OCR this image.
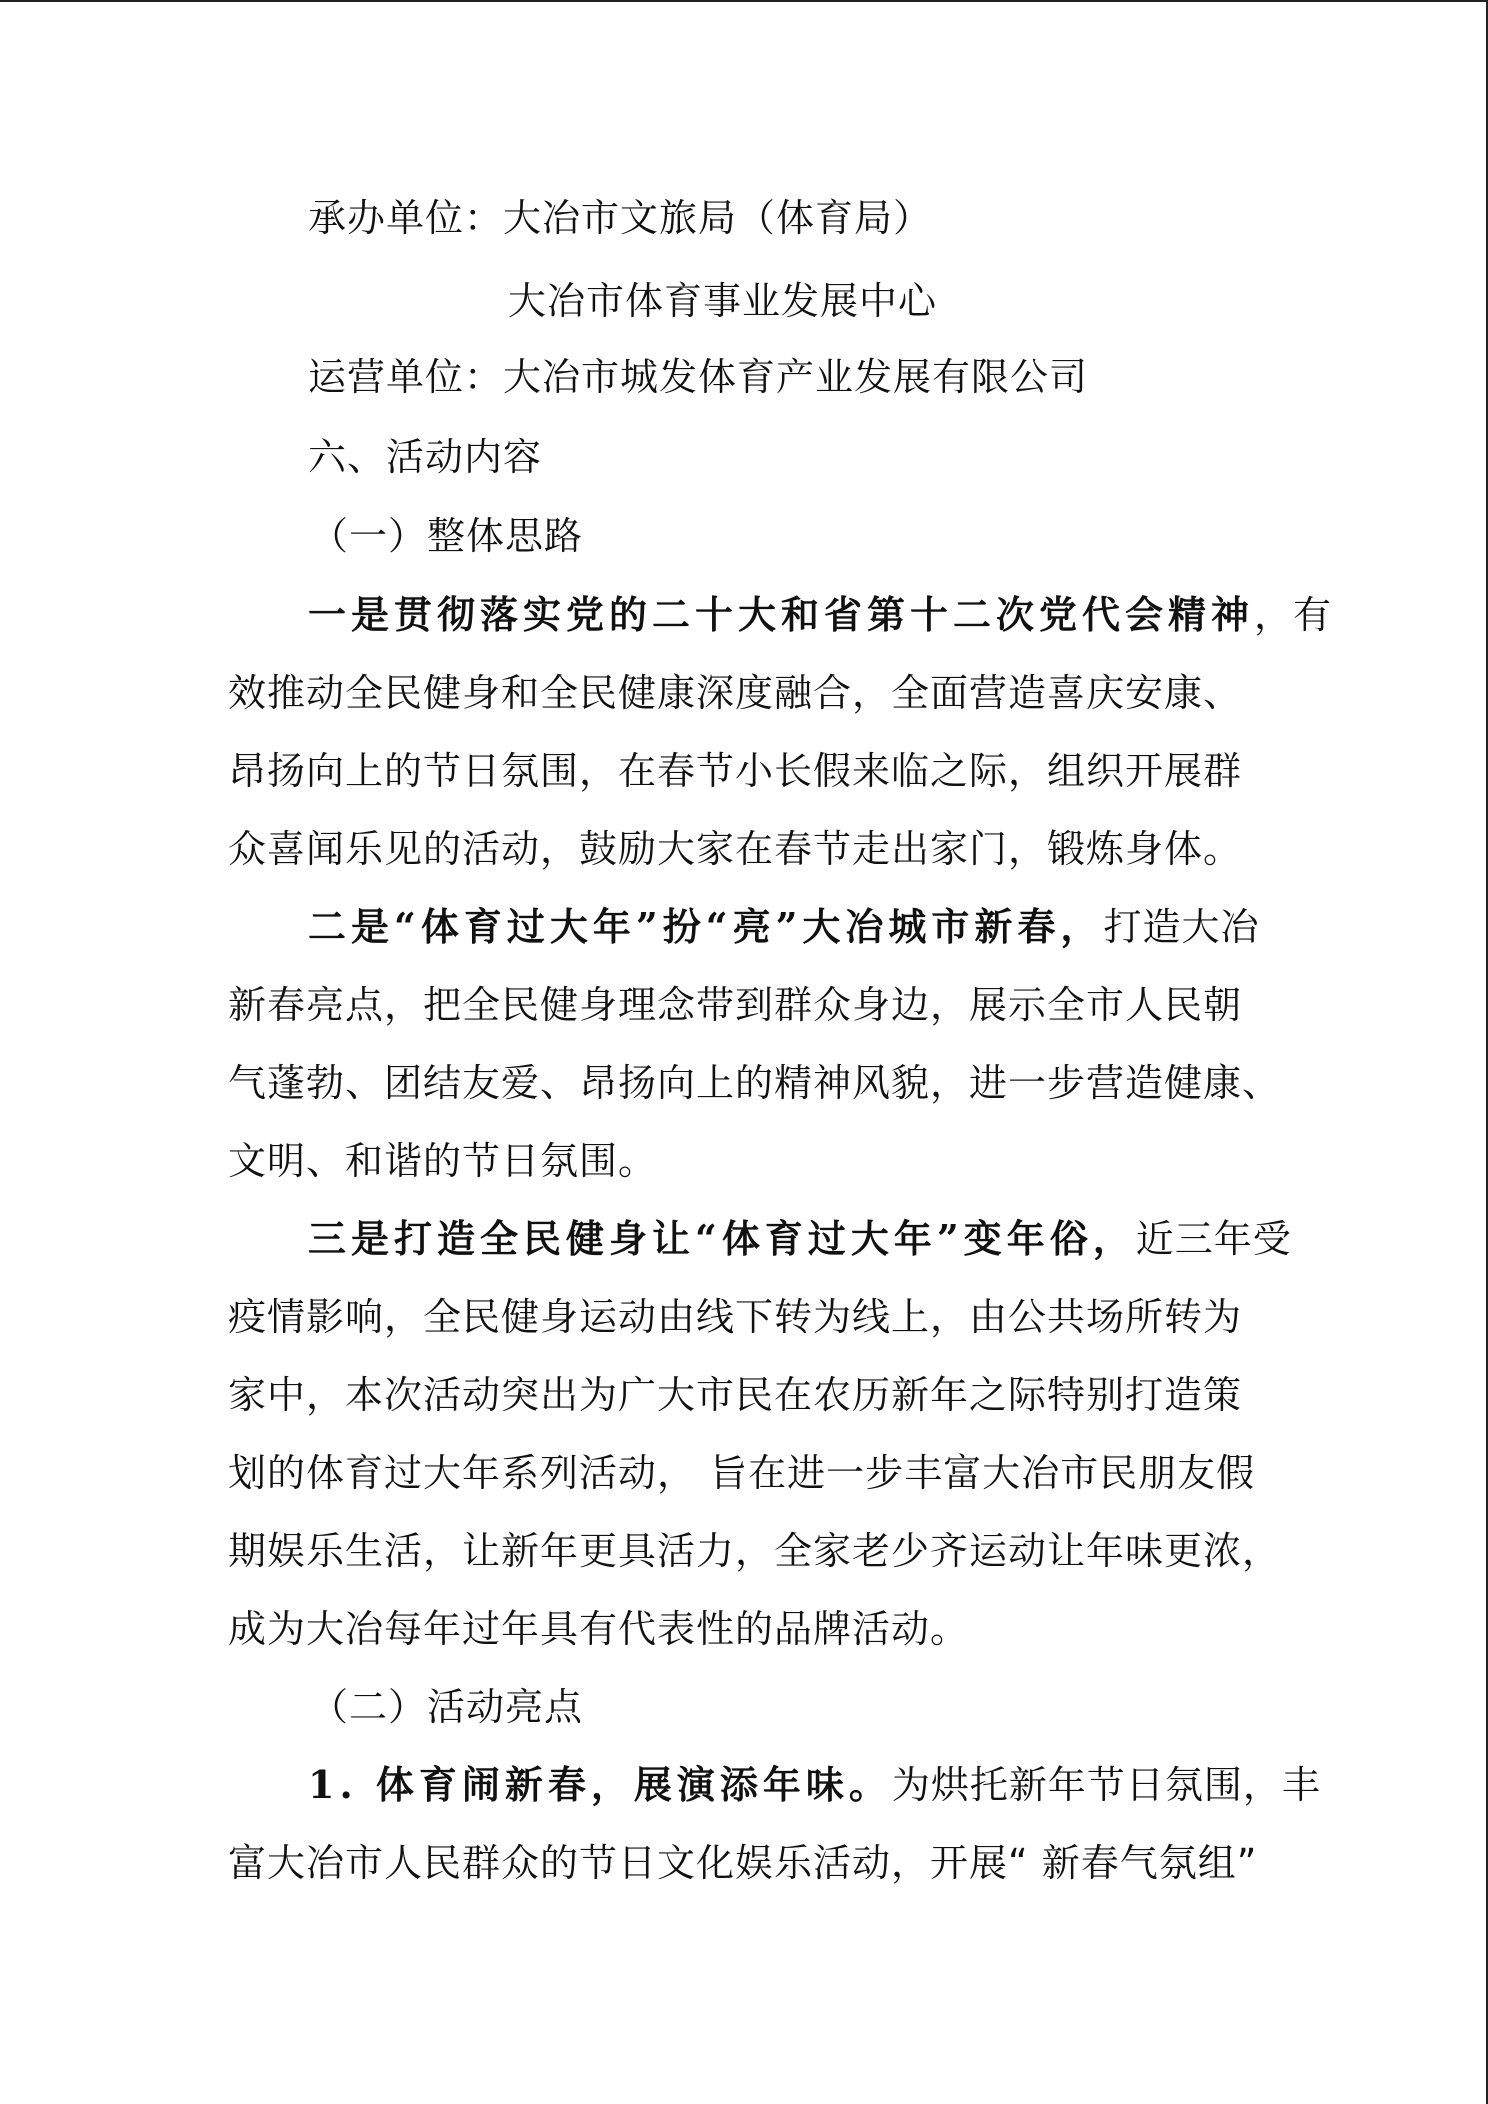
承办单位：大冶市文旅局（体育局）
大冶市体育事业发展中心
运营单位：大冶市城发体育产业发展有限公司
六、活动内容
（一）整体思路
一是贯彻落实党的二十大和省第十二次党代会精神，有
效推动全民健身和全民健康深度融合，全面营造喜庆安康、
昂扬向上的节日氛围，在春节小长假来临之际，组织开展群
众喜闻乐见的活动，鼓励大家在春节走出家门，锻炼身体。
二是“体育过大年”扮“亮”大冶城市新春，打造大冶
新春亮点，把全民健身理念带到群众身边，展示全市人民朝
气蓬勃、团结友爱、昂扬向上的精神风貌，进一步营造健康、
文明、和谐的节日氛围。
三是打造全民健身让“体育过大年”变年俗，近三年受
疫情影响，全民健身运动由线下转为线上，由公共场所转为
家中，本次活动突出为广大市民在农历新年之际特别打造策
划的体育过大年系列活动， 旨在进一步丰富大冶市民朋友假
期娱乐生活，让新年更具活力，全家老少齐运动让年味更浓，
成为大冶每年过年具有代表性的品牌活动。
（二）活动亮点
1. 体育闹新春，展演添年味。为烘托新年节日氛围，丰
富大冶市人民群众的节日文化娱乐活动，开展“ 新春气氛组”
